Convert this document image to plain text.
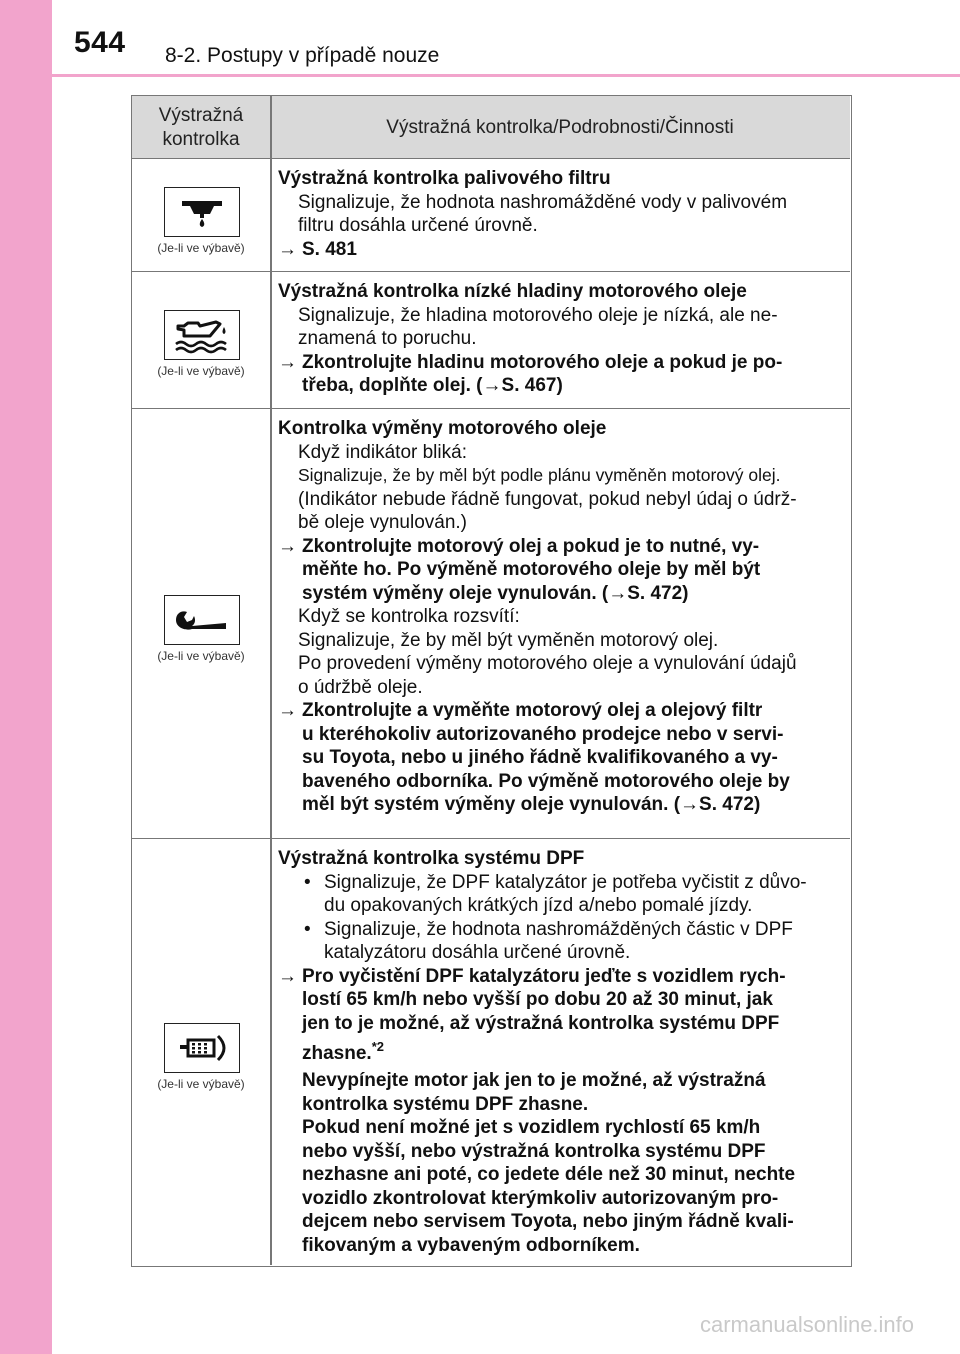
544 8-2. Postupy v případě nouze
Výstražná
kontrolka
Výstražná kontrolka/Podrobnosti/Činnosti
(Je-li ve výbavě)

Výstražná kontrolka palivového filtru

Signalizuje, že hodnota nashromážděné vody v palivovém

filtru dosáhla určené úrovně.

→ S. 481

(Je-li ve výbavě)

Výstražná kontrolka nízké hladiny motorového oleje

Signalizuje, že hladina motorového oleje je nízká, ale ne-

znamená to poruchu.

→ Zkontrolujte hladinu motorového oleje a pokud je po-

třeba, doplňte olej. (→S. 467)

(Je-li ve výbavě)

Kontrolka výměny motorového oleje

Když indikátor bliká:

Signalizuje, že by měl být podle plánu vyměněn motorový olej.

(Indikátor nebude řádně fungovat, pokud nebyl údaj o údrž-

bě oleje vynulován.)

→ Zkontrolujte motorový olej a pokud je to nutné, vy-

měňte ho. Po výměně motorového oleje by měl být

systém výměny oleje vynulován. (→S. 472)

Když se kontrolka rozsvítí:

Signalizuje, že by měl být vyměněn motorový olej.

Po provedení výměny motorového oleje a vynulování údajů

o údržbě oleje.

→ Zkontrolujte a vyměňte motorový olej a olejový filtr

u kteréhokoliv autorizovaného prodejce nebo v servi-

su Toyota, nebo u jiného řádně kvalifikovaného a vy-

baveného odborníka. Po výměně motorového oleje by

měl být systém výměny oleje vynulován. (→S. 472)

(Je-li ve výbavě)

Výstražná kontrolka systému DPF

• Signalizuje, že DPF katalyzátor je potřeba vyčistit z důvo-

du opakovaných krátkých jízd a/nebo pomalé jízdy.

• Signalizuje, že hodnota nashromážděných částic v DPF

katalyzátoru dosáhla určené úrovně.

→ Pro vyčistění DPF katalyzátoru jeďte s vozidlem rych-

lostí 65 km/h nebo vyšší po dobu 20 až 30 minut, jak

jen to je možné, až výstražná kontrolka systému DPF

zhasne.$^{*2}$

Nevypínejte motor jak jen to je možné, až výstražná

kontrolka systému DPF zhasne.

Pokud není možné jet s vozidlem rychlostí 65 km/h

nebo vyšší, nebo výstražná kontrolka systému DPF

nezhasne ani poté, co jedete déle než 30 minut, nechte

vozidlo zkontrolovat kterýmkoliv autorizovaným pro-

dejcem nebo servisem Toyota, nebo jiným řádně kvali-

fikovaným a vybaveným odborníkem.

carmanualsonline.info
